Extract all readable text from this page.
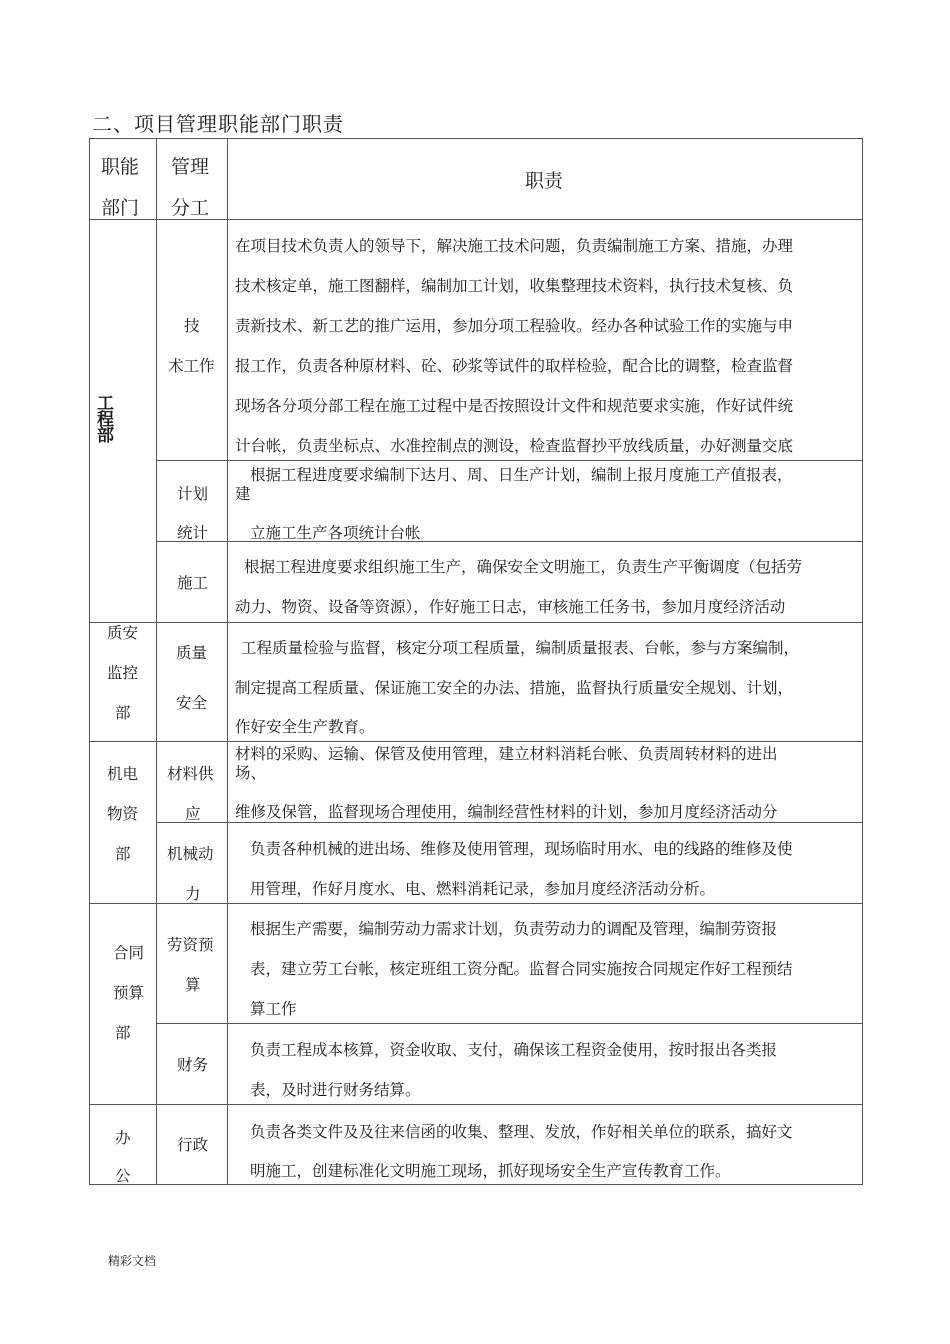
二、项目管理职能部门职责
职能
部门
管理
分工
职责
工程部
技
术工作
在项目技术负责人的领导下，解决施工技术问题，负责编制施工方案、措施，办理
技术核定单，施工图翻样，编制加工计划，收集整理技术资料，执行技术复核、负
责新技术、新工艺的推广运用，参加分项工程验收。经办各种试验工作的实施与申
报工作，负责各种原材料、砼、砂浆等试件的取样检验，配合比的调整，检查监督
现场各分项分部工程在施工过程中是否按照设计文件和规范要求实施，作好试件统
计台帐，负责坐标点、水准控制点的测设，检查监督抄平放线质量，办好测量交底
计划
统计
根据工程进度要求编制下达月、周、日生产计划，编制上报月度施工产值报表，
建
立施工生产各项统计台帐
施工
根据工程进度要求组织施工生产，确保安全文明施工，负责生产平衡调度（包括劳
动力、物资、设备等资源），作好施工日志，审核施工任务书，参加月度经济活动
质安
监控
部
质量
安全
工程质量检验与监督，核定分项工程质量，编制质量报表、台帐，参与方案编制，
制定提高工程质量、保证施工安全的办法、措施，监督执行质量安全规划、计划，
作好安全生产教育。
机电
物资
部
材料供
应
材料的采购、运输、保管及使用管理，建立材料消耗台帐、负责周转材料的进出
场、
维修及保管，监督现场合理使用，编制经营性材料的计划，参加月度经济活动分
机械动
力
负责各种机械的进出场、维修及使用管理，现场临时用水、电的线路的维修及使
用管理，作好月度水、电、燃料消耗记录，参加月度经济活动分析。
合同
预算
部
劳资预
算
根据生产需要，编制劳动力需求计划，负责劳动力的调配及管理，编制劳资报
表，建立劳工台帐，核定班组工资分配。监督合同实施按合同规定作好工程预结
算工作
财务
负责工程成本核算，资金收取、支付，确保该工程资金使用，按时报出各类报
表，及时进行财务结算。
办
公
行政
负责各类文件及及往来信函的收集、整理、发放，作好相关单位的联系，搞好文
明施工，创建标准化文明施工现场，抓好现场安全生产宣传教育工作。
精彩文档
